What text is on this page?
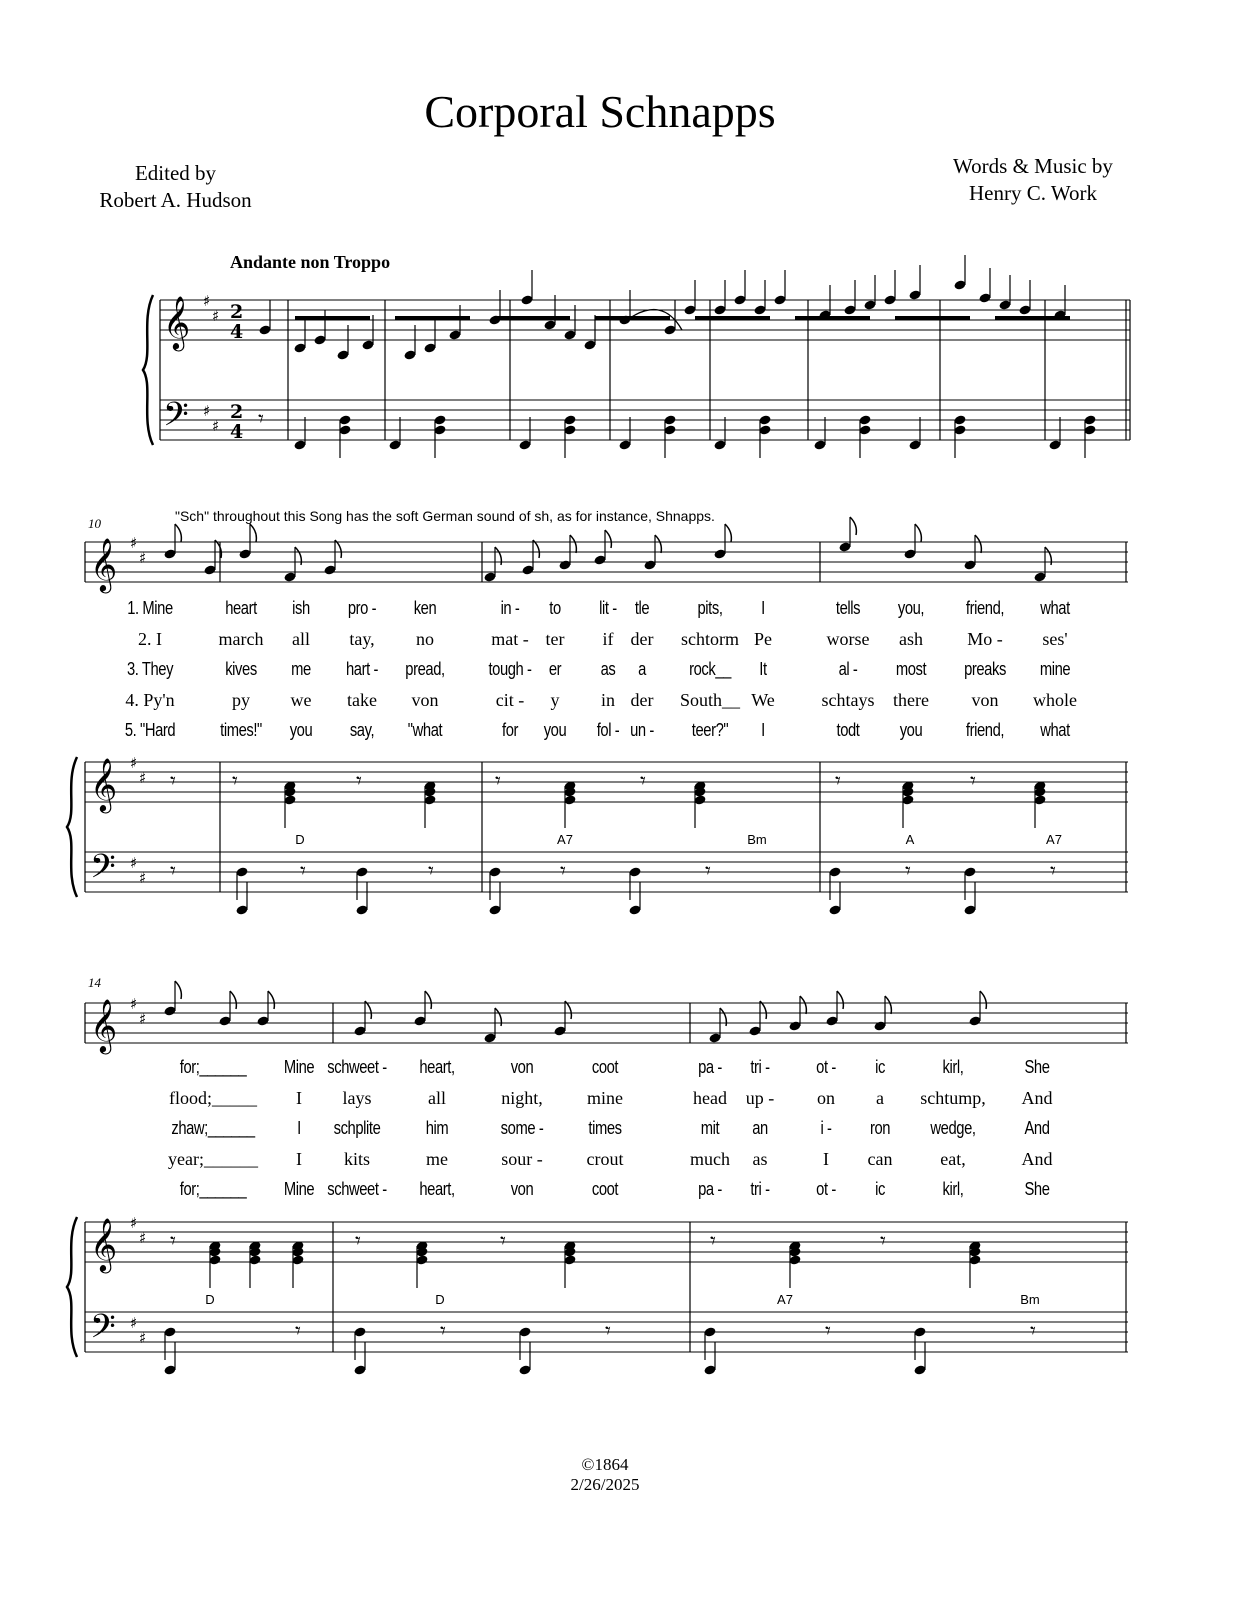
Corporal Schnapps
Edited by
Robert A. Hudson
Words & Music by
Henry C. Work
Andante non Troppo
"Sch" throughout this Song has the soft German sound of sh, as for instance, Shnapps.
10
14
𝄞 ♯
♯
𝄢 ♯
♯
2
4
2
4 𝄾
𝄞 ♯
♯
𝄞 ♯
♯
𝄢 ♯
♯
𝄾	𝄾	𝄾	𝄾	𝄾	𝄾	𝄾
𝄾	𝄾	𝄾	𝄾	𝄾	𝄾	𝄾
𝄞 ♯
♯
𝄞 ♯
♯
𝄢 ♯
♯
𝄾	𝄾	𝄾	𝄾	𝄾
𝄾	𝄾	𝄾	𝄾	𝄾
1. Mine	heart ish pro - ken	in - to lit - tle	pits, I	tells you, friend, what
2. I	march all tay, no	mat - ter if der schtorm Pe	worse ash Mo - ses'
3. They	kives me hart - pread, tough - er as a rock__ It	al - most preaks mine
4. Py'n	py we take von	cit - y in der South__ We	schtays there von whole
5. "Hard times!" you say, "what	for you fol - un - teer?" I	todt you friend, what
for;______ Mine schweet - heart,	von	coot	pa - tri -	ot - ic	kirl,	She
flood;_____ I lays	all	night, mine	head up - on a schtump, And
zhaw;______ I schplite	him	some -	times	mit an	i - ron wedge,	And
year;______ I kits	me	sour - crout	much as	I can	eat,	And
for;______ Mine schweet - heart,	von	coot	pa - tri -	ot - ic	kirl,	She
D	A7	Bm	A	A7
D	D	A7	Bm
©1864
2/26/2025
